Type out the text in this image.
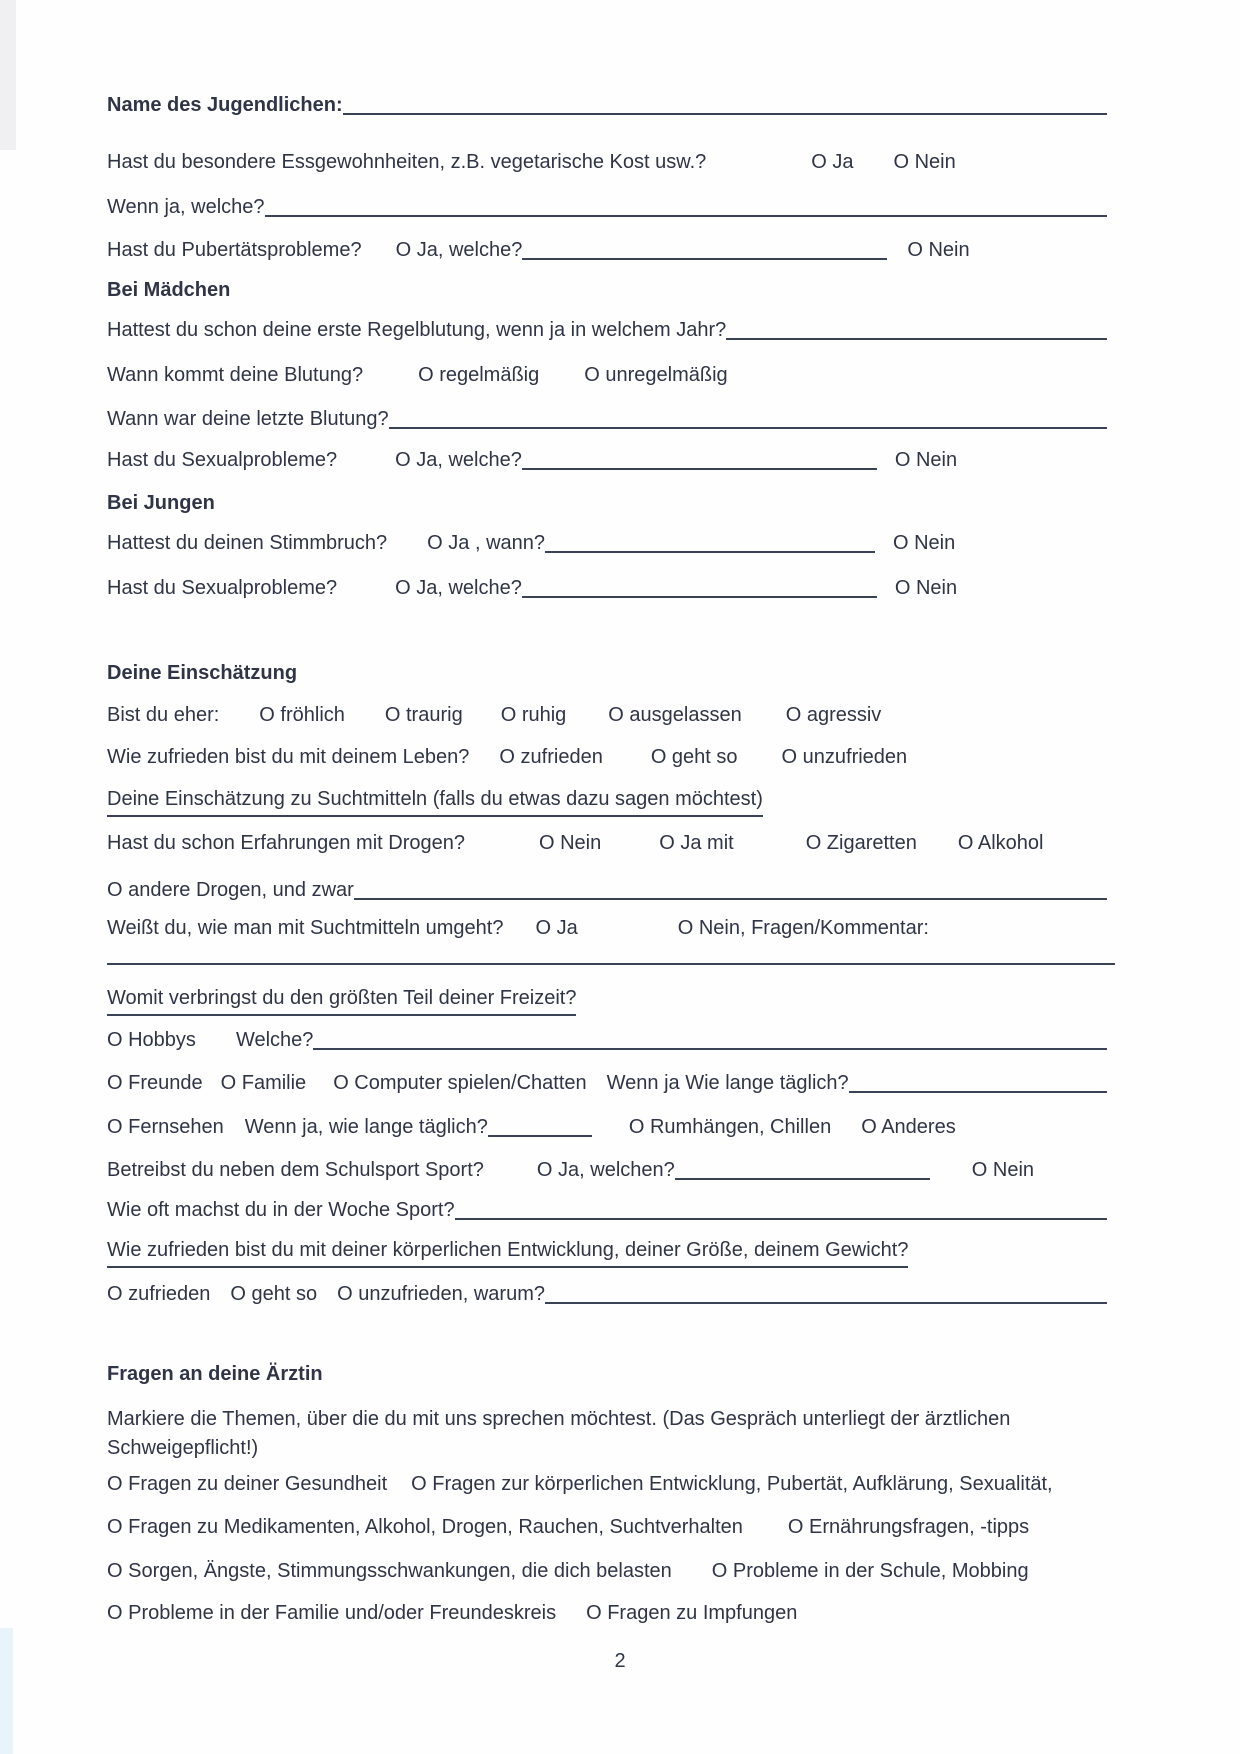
Name des Jugendlichen:
Hast du besondere Essgewohnheiten, z.B. vegetarische Kost usw.?	O Ja O Nein
Wenn ja, welche?
Hast du Pubertätsprobleme? O Ja, welche?	O Nein
Bei Mädchen
Hattest du schon deine erste Regelblutung, wenn ja in welchem Jahr?
Wann kommt deine Blutung?	O regelmäßig O unregelmäßig
Wann war deine letzte Blutung?
Hast du Sexualprobleme?	O Ja, welche?	O Nein
Bei Jungen
Hattest du deinen Stimmbruch? O Ja , wann?	O Nein
Hast du Sexualprobleme?	O Ja, welche?	O Nein
Deine Einschätzung
Bist du eher: O fröhlich O traurig O ruhig O ausgelassen O agressiv
Wie zufrieden bist du mit deinem Leben? O zufrieden O geht so O unzufrieden
Deine Einschätzung zu Suchtmitteln (falls du etwas dazu sagen möchtest)
Hast du schon Erfahrungen mit Drogen?	O Nein	O Ja mit	O Zigaretten O Alkohol
O andere Drogen, und zwar
Weißt du, wie man mit Suchtmitteln umgeht? O Ja	O Nein, Fragen/Kommentar:
Womit verbringst du den größten Teil deiner Freizeit?
O Hobbys Welche?
O Freunde O Familie O Computer spielen/Chatten Wenn ja Wie lange täglich?
O Fernsehen Wenn ja, wie lange täglich?	O Rumhängen, Chillen O Anderes
Betreibst du neben dem Schulsport Sport?	O Ja, welchen?	O Nein
Wie oft machst du in der Woche Sport?
Wie zufrieden bist du mit deiner körperlichen Entwicklung, deiner Größe, deinem Gewicht?
O zufrieden O geht so O unzufrieden, warum?
Fragen an deine Ärztin
Markiere die Themen, über die du mit uns sprechen möchtest. (Das Gespräch unterliegt der ärztlichen Schweigepflicht!)
O Fragen zu deiner Gesundheit O Fragen zur körperlichen Entwicklung, Pubertät, Aufklärung, Sexualität,
O Fragen zu Medikamenten, Alkohol, Drogen, Rauchen, Suchtverhalten O Ernährungsfragen, -tipps
O Sorgen, Ängste, Stimmungsschwankungen, die dich belasten O Probleme in der Schule, Mobbing
O Probleme in der Familie und/oder Freundeskreis O Fragen zu Impfungen
2
